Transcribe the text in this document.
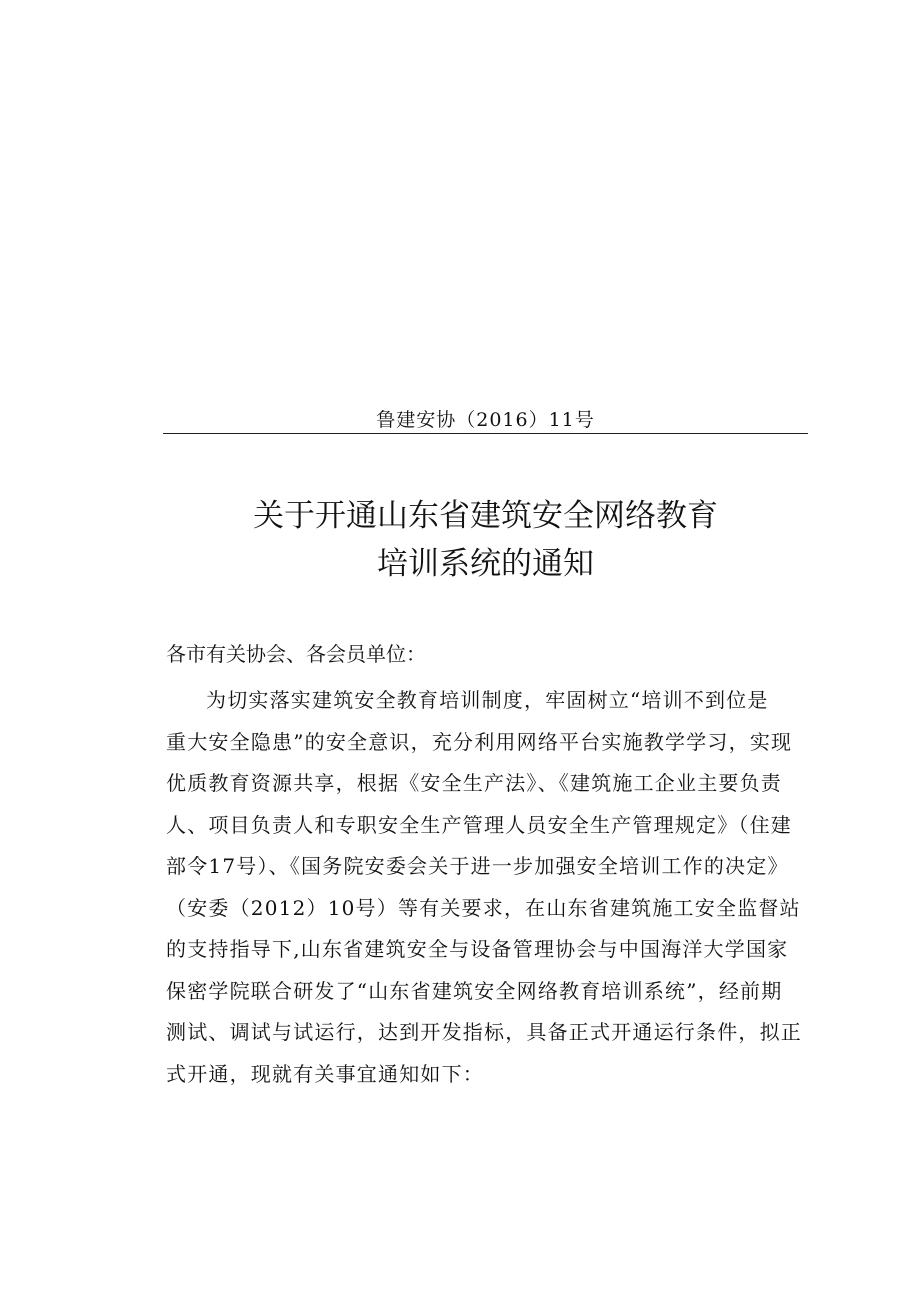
鲁建安协（2016）11号
关于开通山东省建筑安全网络教育
培训系统的通知
各市有关协会、各会员单位：
为切实落实建筑安全教育培训制度，牢固树立“培训不到位是
重大安全隐患”的安全意识，充分利用网络平台实施教学学习，实现
优质教育资源共享，根据《安全生产法》、《建筑施工企业主要负责
人、项目负责人和专职安全生产管理人员安全生产管理规定》（住建
部令17号）、《国务院安委会关于进一步加强安全培训工作的决定》
（安委（2012）10号）等有关要求，在山东省建筑施工安全监督站
的支持指导下,山东省建筑安全与设备管理协会与中国海洋大学国家
保密学院联合研发了“山东省建筑安全网络教育培训系统”，经前期
测试、调试与试运行，达到开发指标，具备正式开通运行条件，拟正
式开通，现就有关事宜通知如下：
